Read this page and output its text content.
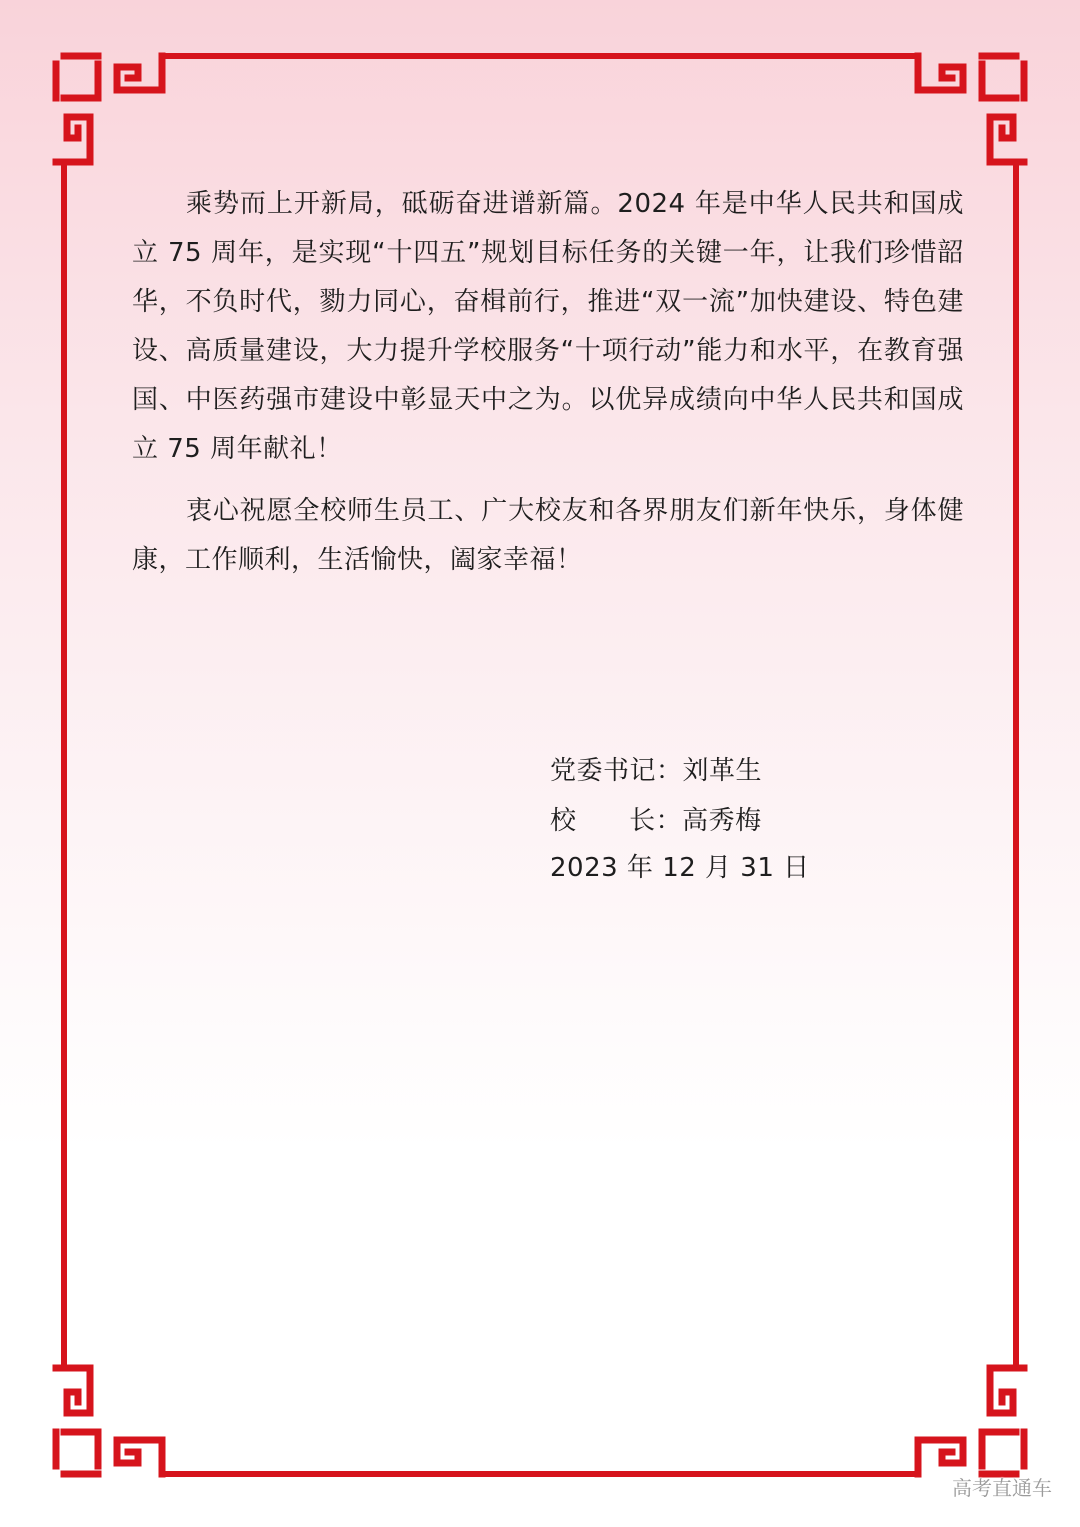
乘势而上开新局，砥砺奋进谱新篇。2024 年是中华人民共和国成立 75 周年，是实现“十四五”规划目标任务的关键一年，让我们珍惜韶华，不负时代，勠力同心，奋楫前行，推进“双一流”加快建设、特色建设、高质量建设，大力提升学校服务“十项行动”能力和水平，在教育强国、中医药强市建设中彰显天中之为。以优异成绩向中华人民共和国成立 75 周年献礼！

衷心祝愿全校师生员工、广大校友和各界朋友们新年快乐，身体健康，工作顺利，生活愉快，阖家幸福！

党委书记：刘革生
校      长：高秀梅
2023 年 12 月 31 日
高考直通车
